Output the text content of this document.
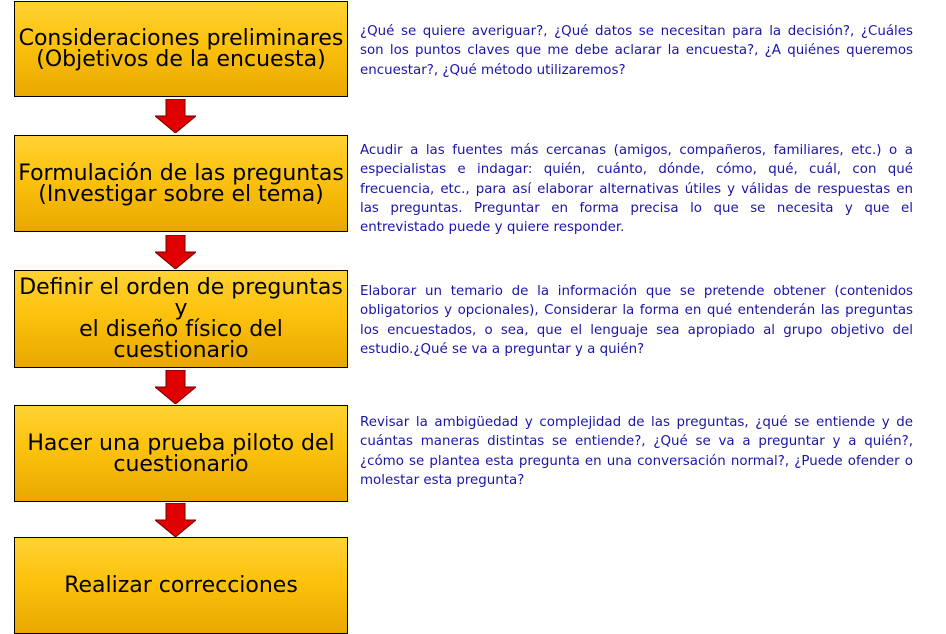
Consideraciones preliminares
(Objetivos de la encuesta)
¿Qué se quiere averiguar?, ¿Qué datos se necesitan para la decisión?, ¿Cuáles son los puntos claves que me debe aclarar la encuesta?, ¿A quiénes queremos encuestar?, ¿Qué método utilizaremos?
Formulación de las preguntas
(Investigar sobre el tema)
Acudir a las fuentes más cercanas (amigos, compañeros, familiares, etc.) o a especialistas e indagar: quién, cuánto, dónde, cómo, qué, cuál, con qué frecuencia, etc., para así elaborar alternativas útiles y válidas de respuestas en las preguntas. Preguntar en forma precisa lo que se necesita y que el entrevistado puede y quiere responder.
Definir el orden de preguntas y
el diseño físico del cuestionario
Elaborar un temario de la información que se pretende obtener (contenidos obligatorios y opcionales), Considerar la forma en qué entenderán las preguntas los encuestados, o sea, que el lenguaje sea apropiado al grupo objetivo del estudio.¿Qué se va a preguntar y a quién?
Hacer una prueba piloto del
cuestionario
Revisar la ambigüedad y complejidad de las preguntas, ¿qué se entiende y de cuántas maneras distintas se entiende?, ¿Qué se va a preguntar y a quién?, ¿cómo se plantea esta pregunta en una conversación normal?, ¿Puede ofender o molestar esta pregunta?
Realizar correcciones
